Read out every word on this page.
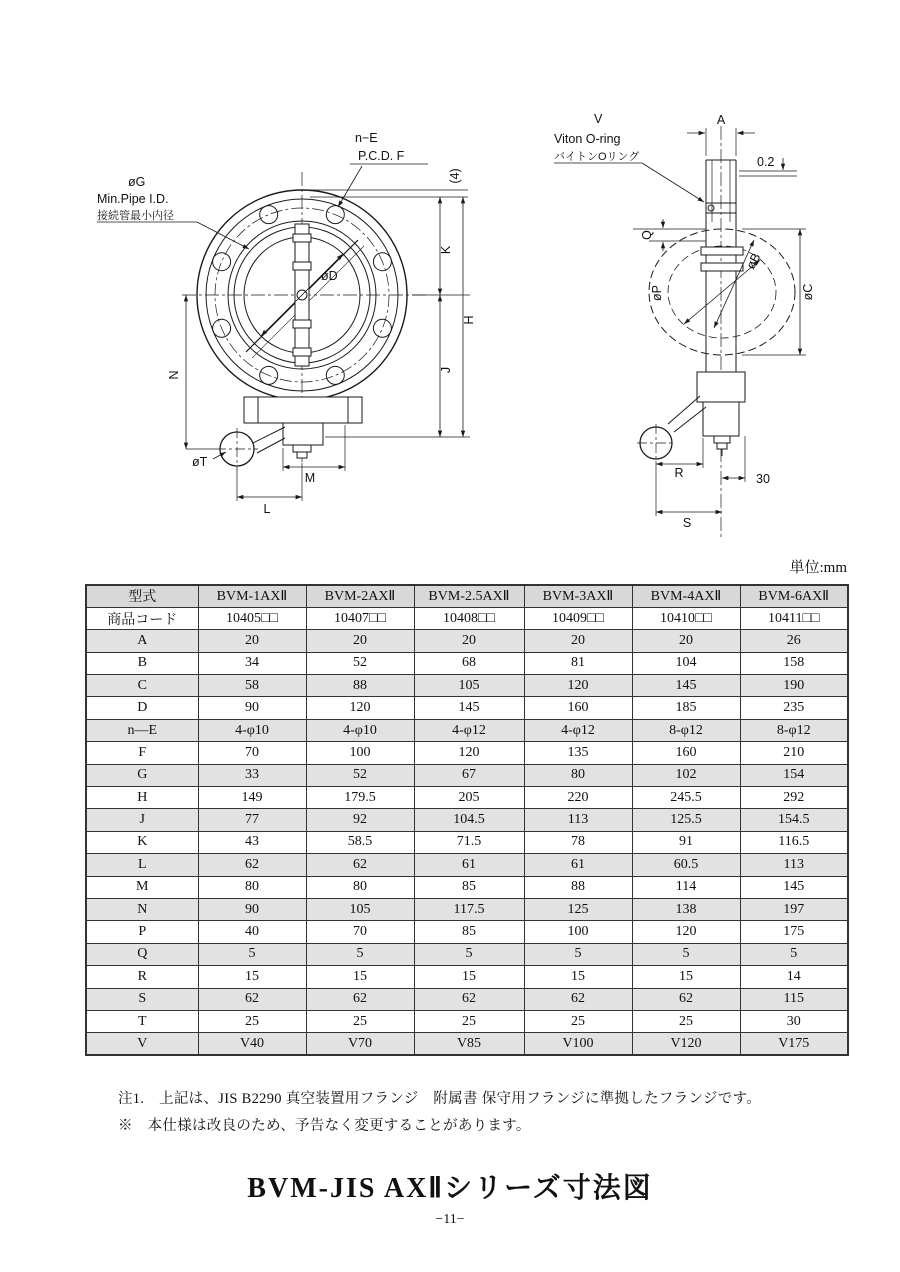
n−E
P.C.D. F
(4)
øG
Min.Pipe I.D.
接続管最小内径
øD
K
H
J
N
øT
M
L
V
Viton O-ring
バイトンOリング
A
0.2
Q
øP
øB
øC
R	30
S
単位:mm
型式	BVM-1AXⅡ	BVM-2AXⅡ	BVM-2.5AXⅡ	BVM-3AXⅡ	BVM-4AXⅡ	BVM-6AXⅡ
商品コード	10405□□	10407□□	10408□□	10409□□	10410□□	10411□□
A	20	20	20	20	20	26
B	34	52	68	81	104	158
C	58	88	105	120	145	190
D	90	120	145	160	185	235
n—E	4-φ10	4-φ10	4-φ12	4-φ12	8-φ12	8-φ12
F	70	100	120	135	160	210
G	33	52	67	80	102	154
H	149	179.5	205	220	245.5	292
J	77	92	104.5	113	125.5	154.5
K	43	58.5	71.5	78	91	116.5
L	62	62	61	61	60.5	113
M	80	80	85	88	114	145
N	90	105	117.5	125	138	197
P	40	70	85	100	120	175
Q	5	5	5	5	5	5
R	15	15	15	15	15	14
S	62	62	62	62	62	115
T	25	25	25	25	25	30
V	V40	V70	V85	V100	V120	V175
注1.　上記は、JIS B2290 真空装置用フランジ　附属書 保守用フランジに準拠したフランジです。
※　本仕様は改良のため、予告なく変更することがあります。
BVM-JIS AXⅡシリーズ寸法図
−11−
